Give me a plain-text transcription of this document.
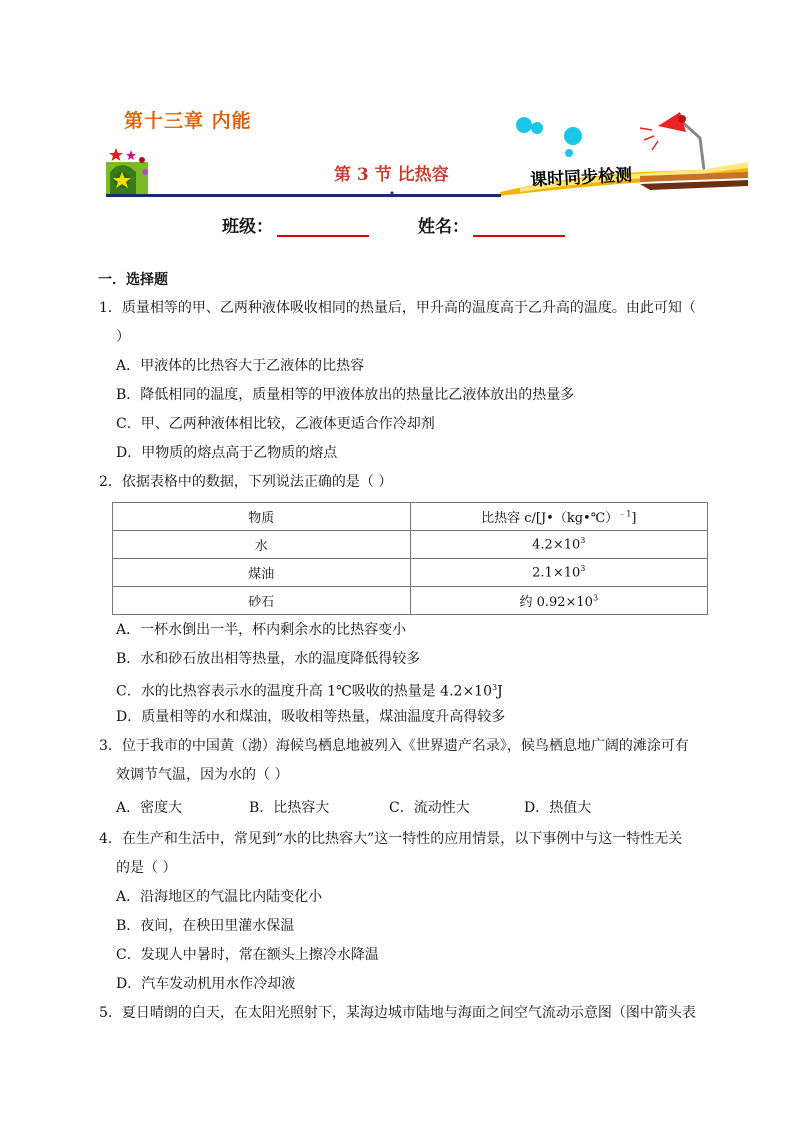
第十三章 内能
第 3 节 比热容	课时同步检测
班级：	姓名：
一．选择题
1．质量相等的甲、乙两种液体吸收相同的热量后，甲升高的温度高于乙升高的温度。由此可知（
）
A．甲液体的比热容大于乙液体的比热容
B．降低相同的温度，质量相等的甲液体放出的热量比乙液体放出的热量多
C．甲、乙两种液体相比较，乙液体更适合作冷却剂
D．甲物质的熔点高于乙物质的熔点
2．依据表格中的数据，下列说法正确的是（ ）
物质	比热容 c/[J•（kg•℃）$^{﹣1}$]
水	$4.2\times 10^3$
煤油	$2.1\times 10^3$
砂石	约 $0.92\times 10^3$
A．一杯水倒出一半，杯内剩余水的比热容变小
B．水和砂石放出相等热量，水的温度降低得较多
C．水的比热容表示水的温度升高 1℃吸收的热量是 $4.2\times 10^3J$
D．质量相等的水和煤油，吸收相等热量，煤油温度升高得较多
3．位于我市的中国黄（渤）海候鸟栖息地被列入《世界遗产名录》，候鸟栖息地广阔的滩涂可有
效调节气温，因为水的（ ）
A．密度大	B．比热容大	C．流动性大	D．热值大
4．在生产和生活中，常见到“水的比热容大”这一特性的应用情景，以下事例中与这一特性无关
的是（ ）
A．沿海地区的气温比内陆变化小
B．夜间，在秧田里灌水保温
C．发现人中暑时，常在额头上擦冷水降温
D．汽车发动机用水作冷却液
5．夏日晴朗的白天，在太阳光照射下，某海边城市陆地与海面之间空气流动示意图（图中箭头表
